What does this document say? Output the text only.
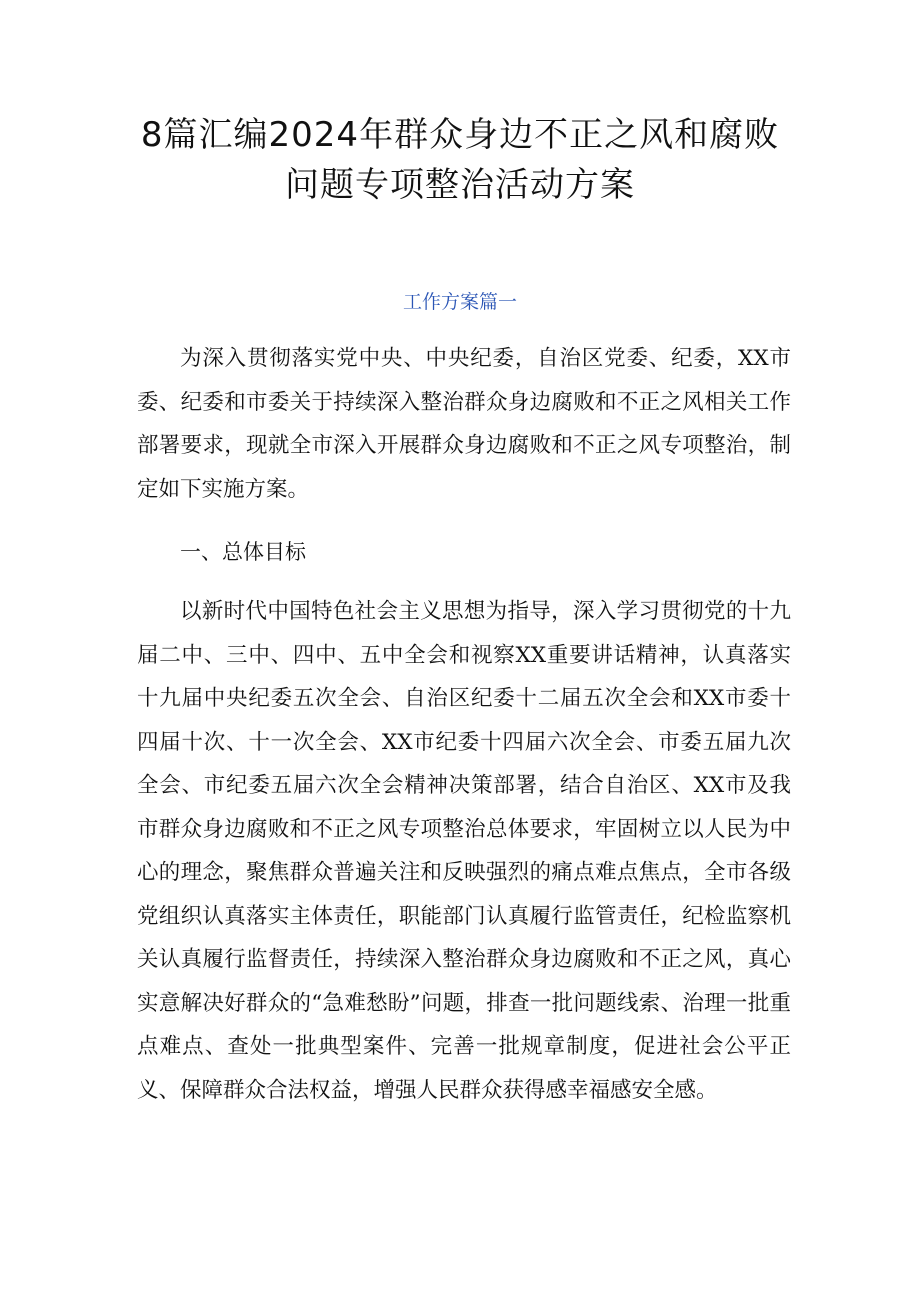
8篇汇编2024年群众身边不正之风和腐败
问题专项整治活动方案
工作方案篇一

为深入贯彻落实党中央、中央纪委，自治区党委、纪委，XX市委、纪委和市委关于持续深入整治群众身边腐败和不正之风相关工作部署要求，现就全市深入开展群众身边腐败和不正之风专项整治，制定如下实施方案。

一、总体目标

以新时代中国特色社会主义思想为指导，深入学习贯彻党的十九届二中、三中、四中、五中全会和视察XX重要讲话精神，认真落实十九届中央纪委五次全会、自治区纪委十二届五次全会和XX市委十四届十次、十一次全会、XX市纪委十四届六次全会、市委五届九次全会、市纪委五届六次全会精神决策部署，结合自治区、XX市及我市群众身边腐败和不正之风专项整治总体要求，牢固树立以人民为中心的理念，聚焦群众普遍关注和反映强烈的痛点难点焦点，全市各级党组织认真落实主体责任，职能部门认真履行监管责任，纪检监察机关认真履行监督责任，持续深入整治群众身边腐败和不正之风，真心实意解决好群众的“急难愁盼”问题，排查一批问题线索、治理一批重点难点、查处一批典型案件、完善一批规章制度，促进社会公平正义、保障群众合法权益，增强人民群众获得感幸福感安全感。
